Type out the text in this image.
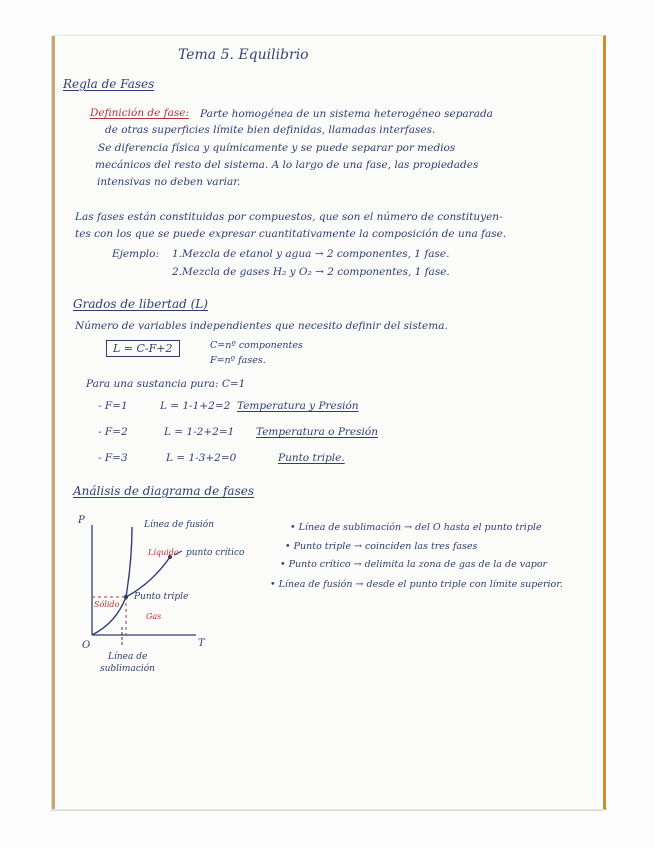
Tema 5. Equilibrio
Regla de Fases
Definición de fase: Parte homogénea de un sistema heterogéneo separada
de otras superficies límite bien definidas, llamadas interfases.
Se diferencia física y químicamente y se puede separar por medios
mecánicos del resto del sistema. A lo largo de una fase, las propiedades
intensivas no deben variar.
Las fases están constituidas por compuestos, que son el número de constituyen-
tes con los que se puede expresar cuantitativamente la composición de una fase.
Ejemplo: 1.Mezcla de etanol y agua → 2 componentes, 1 fase.
2.Mezcla de gases H₂ y O₂ → 2 componentes, 1 fase.
Grados de libertad (L)
Número de variables independientes que necesito definir del sistema.
L = C-F+2	C=nº componentes
F=nº fases.
Para una sustancia pura: C=1
- F=1	L = 1-1+2=2 Temperatura y Presión
- F=2	L = 1-2+2=1 Temperatura o Presión
- F=3	L = 1-3+2=0	Punto triple.
Análisis de diagrama de fases
P
T
O
Línea de fusión
Líquido punto crítico
Sólido
Punto triple
Gas
Línea de
sublimación
• Línea de sublimación → del O hasta el punto triple
• Punto triple → coinciden las tres fases
• Punto crítico → delimita la zona de gas de la de vapor
• Línea de fusión → desde el punto triple con límite superior.
